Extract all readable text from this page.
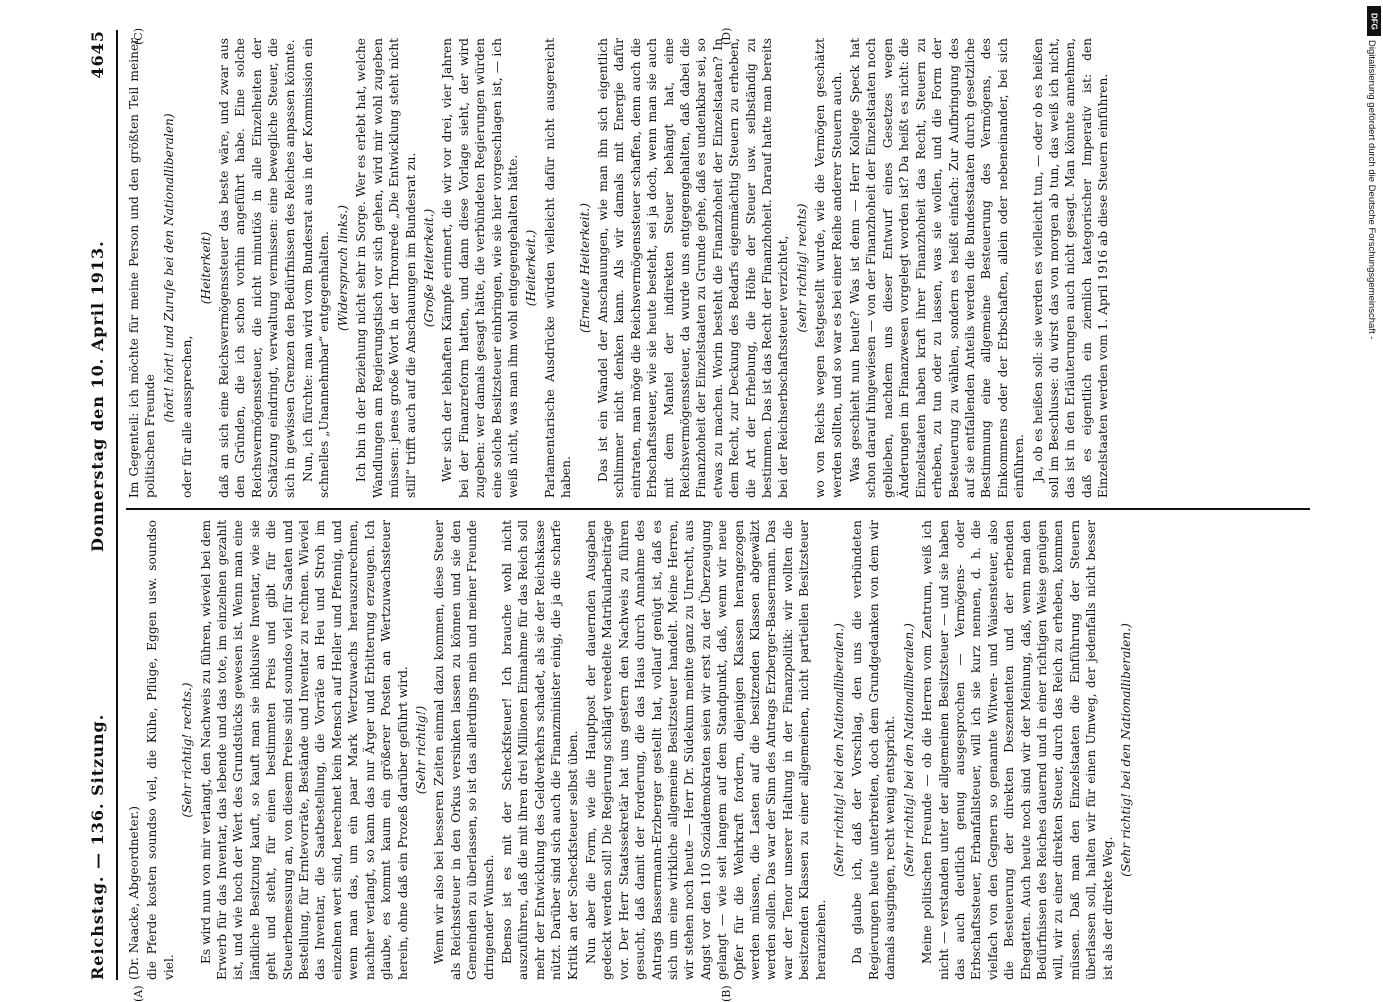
Reichstag. — 136. Sitzung.
Donnerstag den 10. April 1913.
4645
(A)	(B)
(C)	(D)

(Dr. Naacke, Abgeordneter.) die Pferde kosten soundso viel, die Kühe, Pflüge, Eggen usw. soundso viel.

(Sehr richtig! rechts.) Es wird nun von mir verlangt, den Nachweis zu führen, wieviel bei dem Erwerb für das Inventar, das lebende und das tote, im einzelnen gezahlt ist, und wie hoch der Wert des Grundstücks gewesen ist. Wenn man eine ländliche Besitzung kauft, so kauft man sie inklusive Inventar, wie sie geht und steht, für einen bestimmten Preis und gibt für die Steuerbemessung an, von diesem Preise sind soundso viel für Saaten und Bestellung, für Erntevorräte, Bestände und Inventar zu rechnen. Wieviel das Inventar, die Saatbestellung, die Vorräte an Heu und Stroh im einzelnen wert sind, berechnet kein Mensch auf Heller und Pfennig, und wenn man das, um ein paar Mark Wertzuwachs herauszurechnen, nachher verlangt, so kann das nur Ärger und Erbitterung erzeugen. Ich glaube, es kommt kaum ein größerer Posten an Wertzuwachssteuer herein, ohne daß ein Prozeß darüber geführt wird. (Sehr richtig!) Wenn wir also bei besseren Zeiten einmal dazu kommen, diese Steuer als Reichssteuer in den Orkus versinken lassen zu können und sie den Gemeinden zu überlassen, so ist das allerdings mein und meiner Freunde dringender Wunsch. Ebenso ist es mit der Scheckfsteuer! Ich brauche wohl nicht auszuführen, daß die mit ihren drei Millionen Einnahme für das Reich soll mehr der Entwicklung des Geldverkehrs schadet, als sie der Reichskasse nützt. Darüber sind sich auch die Finanzminister einig, die ja die scharfe Kritik an der Scheckfsteuer selbst üben. Nun aber die Form, wie die Hauptpost der dauernden Ausgaben gedeckt werden soll! Die Regierung schlägt veredelte Matrikularbeiträge vor. Der Herr Staatssekretär hat uns gestern den Nachweis zu führen gesucht, daß damit der Forderung, die das Haus durch Annahme des Antrags Bassermann-Erzberger gestellt hat, vollauf genügt ist, daß es sich um eine wirkliche allgemeine Besitzsteuer handelt. Meine Herren, wir stehen noch heute — Herr Dr. Südekum meinte ganz zu Unrecht, aus Angst vor den 110 Sozialdemokraten seien wir erst zu der Überzeugung gelangt — wie seit langem auf dem Standpunkt, daß, wenn wir neue Opfer für die Wehrkraft fordern, diejenigen Klassen herangezogen werden müssen, die Lasten auf die besitzenden Klassen abgewälzt werden sollen. Das war der Sinn des Antrags Erzberger-Bassermann. Das war der Tenor unserer Haltung in der Finanzpolitik: wir wollten die besitzenden Klassen zu einer allgemeinen, nicht partiellen Besitzsteuer heranziehen.

(Sehr richtig! bei den Nationalliberalen.) Da glaube ich, daß der Vorschlag, den uns die verbündeten Regierungen heute unterbreiten, doch dem Grundgedanken von dem wir damals ausgingen, recht wenig entspricht. (Sehr richtig! bei den Nationalliberalen.) Meine politischen Freunde — ob die Herren vom Zentrum, weiß ich nicht — verstanden unter der allgemeinen Besitzsteuer — und sie haben das auch deutlich genug ausgesprochen — Vermögens- oder Erbschaftssteuer, Erbanfallsteuer, will ich sie kurz nennen, d. h. die vielfach von den Gegnern so genannte Witwen- und Waisensteuer, also die Besteuerung der direkten Deszendenten und der erbenden Ehegatten. Auch heute noch sind wir der Meinung, daß, wenn man den Bedürfnissen des Reiches dauernd und in einer richtigen Weise genügen will, wir zu einer direkten Steuer, durch das Reich zu erheben, kommen müssen. Daß man den Einzelstaaten die Einführung der Steuern überlassen soll, halten wir für einen Umweg, der jedenfalls nicht besser ist als der direkte Weg.

(Sehr richtig! bei den Nationalliberalen.)

Im Gegenteil: ich möchte für meine Person und den größten Teil meiner politischen Freunde

(hört! hört! und Zurufe bei den Nationalliberalen) oder für alle aussprechen,

(Heiterkeit) daß an sich eine Reichsvermögenssteuer das beste wäre, und zwar aus den Gründen, die ich schon vorhin angeführt habe. Eine solche Reichsvermögenssteuer, die nicht minutiös in alle Einzelheiten der Schätzung eindringt, verwaltung vermissen: eine bewegliche Steuer, die sich in gewissen Grenzen den Bedürfnissen des Reiches anpassen könnte. Nun, ich fürchte: man wird vom Bundesrat aus in der Kommission ein schnelles „Unannehmbar“ entgegenhalten. (Widerspruch links.) Ich bin in der Beziehung nicht sehr in Sorge. Wer es erlebt hat, welche Wandlungen am Regierungstisch vor sich gehen, wird mir wohl zugeben müssen: jenes große Wort in der Thronrede „Die Entwicklung steht nicht still“ trifft auch auf die Anschauungen im Bundesrat zu. (Große Heiterkeit.) Wer sich der lebhaften Kämpfe erinnert, die wir vor drei, vier Jahren bei der Finanzreform hatten, und dann diese Vorlage sieht, der wird zugeben: wer damals gesagt hätte, die verbündeten Regierungen würden eine solche Besitzsteuer einbringen, wie sie hier vorgeschlagen ist, — ich weiß nicht, was man ihm wohl entgegengehalten hätte. (Heiterkeit.) Parlamentarische Ausdrücke würden vielleicht dafür nicht ausgereicht haben.

(Erneute Heiterkeit.) Das ist ein Wandel der Anschauungen, wie man ihn sich eigentlich schlimmer nicht denken kann. Als wir damals mit Energie dafür eintraten, man möge die Reichsvermögenssteuer schaffen, denn auch die Erbschaftssteuer, wie sie heute besteht, sei ja doch, wenn man sie auch mit dem Mantel der indirekten Steuer behängt hat, eine Reichsvermögenssteuer, da wurde uns entgegengehalten, daß dabei die Finanzhoheit der Einzelstaaten zu Grunde gehe, daß es undenkbar sei, so etwas zu machen. Worin besteht die Finanzhoheit der Einzelstaaten? In dem Recht, zur Deckung des Bedarfs eigenmächtig Steuern zu erheben, die Art der Erhebung, die Höhe der Steuer usw. selbständig zu bestimmen. Das ist das Recht der Finanzhoheit. Darauf hatte man bereits bei der Reichserbschaftssteuer verzichtet, (sehr richtig! rechts) wo von Reichs wegen festgestellt wurde, wie die Vermögen geschätzt werden sollten, und so war es bei einer Reihe anderer Steuern auch. Was geschieht nun heute? Was ist denn — Herr Kollege Speck hat schon darauf hingewiesen — von der Finanzhoheit der Einzelstaaten noch geblieben, nachdem uns dieser Entwurf eines Gesetzes wegen Änderungen im Finanzwesen vorgelegt worden ist? Da heißt es nicht: die Einzelstaaten haben kraft ihrer Finanzhoheit das Recht, Steuern zu erheben, zu tun oder zu lassen, was sie wollen, und die Form der Besteuerung zu wählen, sondern es heißt einfach: Zur Aufbringung des auf sie entfallenden Anteils werden die Bundesstaaten durch gesetzliche Bestimmung eine allgemeine Besteuerung des Vermögens, des Einkommens oder der Erbschaften, allein oder nebeneinander, bei sich einführen. Ja, ob es heißen soll: sie werden es vielleicht tun, — oder ob es heißen soll im Beschlusse: du wirst das von morgen ab tun, das weiß ich nicht, das ist in den Erläuterungen auch nicht gesagt. Man könnte annehmen, daß es eigentlich ein ziemlich kategorischer Imperativ ist: den Einzelstaaten werden vom 1. April 1916 ab diese Steuern einführen.

DFG
Digitalisierung gefördert durch die Deutsche Forschungsgemeinschaft -
